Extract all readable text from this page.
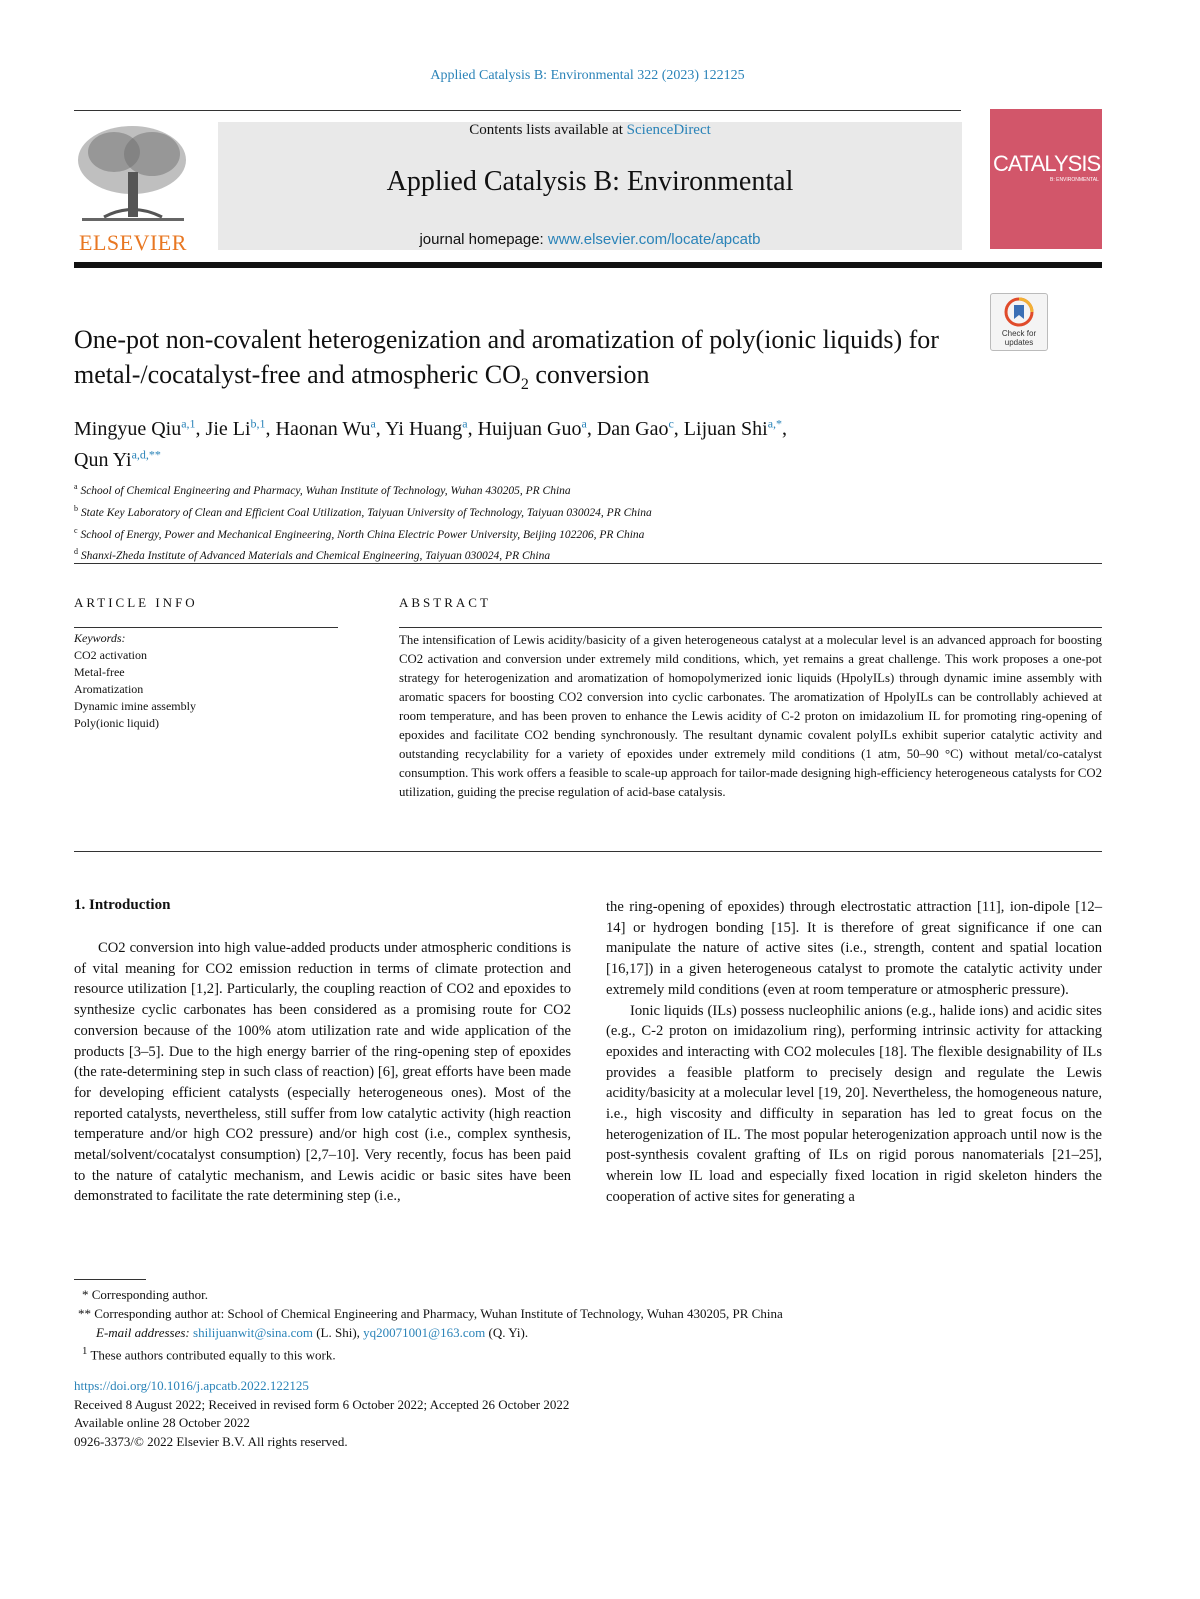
Applied Catalysis B: Environmental 322 (2023) 122125
ELSEVIER
Contents lists available at ScienceDirect
Applied Catalysis B: Environmental
journal homepage: www.elsevier.com/locate/apcatb
CATALYSIS
B: ENVIRONMENTAL
Check for updates
One-pot non-covalent heterogenization and aromatization of poly(ionic liquids) for metal-/cocatalyst-free and atmospheric $CO_2$ conversion
Mingyue Qiu$^{a,1}$, Jie Li$^{b,1}$, Haonan Wu$^a$, Yi Huang$^a$, Huijuan Guo$^a$, Dan Gao$^c$, Lijuan Shi$^{a,*}$,
Qun $Yi^{a,d,**}$
$^a$ School of Chemical Engineering and Pharmacy, Wuhan Institute of Technology, Wuhan 430205, PR China
$^b$ State Key Laboratory of Clean and Efficient Coal Utilization, Taiyuan University of Technology, Taiyuan 030024, PR China
$^c$ School of Energy, Power and Mechanical Engineering, North China Electric Power University, Beijing 102206, PR China
$^d$ Shanxi-Zheda Institute of Advanced Materials and Chemical Engineering, Taiyuan 030024, PR China
ARTICLE INFO	ABSTRACT
Keywords:
CO2 activation
Metal-free
Aromatization
Dynamic imine assembly
Poly(ionic liquid)
The intensification of Lewis acidity/basicity of a given heterogeneous catalyst at a molecular level is an advanced approach for boosting CO2 activation and conversion under extremely mild conditions, which, yet remains a great challenge. This work proposes a one-pot strategy for heterogenization and aromatization of homopolymerized ionic liquids (HpolyILs) through dynamic imine assembly with aromatic spacers for boosting CO2 conversion into cyclic carbonates. The aromatization of HpolyILs can be controllably achieved at room temperature, and has been proven to enhance the Lewis acidity of C-2 proton on imidazolium IL for promoting ring-opening of epoxides and facilitate CO2 bending synchronously. The resultant dynamic covalent polyILs exhibit superior catalytic activity and outstanding recyclability for a variety of epoxides under extremely mild conditions (1 atm, 50–90 °C) without metal/co-catalyst consumption. This work offers a feasible to scale-up approach for tailor-made designing high-efficiency heterogeneous catalysts for CO2 utilization, guiding the precise regulation of acid-base catalysis.
1. Introduction

CO2 conversion into high value-added products under atmospheric conditions is of vital meaning for CO2 emission reduction in terms of climate protection and resource utilization [1,2]. Particularly, the coupling reaction of CO2 and epoxides to synthesize cyclic carbonates has been considered as a promising route for CO2 conversion because of the 100% atom utilization rate and wide application of the products [3–5]. Due to the high energy barrier of the ring-opening step of epoxides (the rate-determining step in such class of reaction) [6], great efforts have been made for developing efficient catalysts (especially heterogeneous ones). Most of the reported catalysts, nevertheless, still suffer from low catalytic activity (high reaction temperature and/or high CO2 pressure) and/or high cost (i.e., complex synthesis, metal/solvent/cocatalyst consumption) [2,7–10]. Very recently, focus has been paid to the nature of catalytic mechanism, and Lewis acidic or basic sites have been demonstrated to facilitate the rate determining step (i.e.,

the ring-opening of epoxides) through electrostatic attraction [11], ion-dipole [12–14] or hydrogen bonding [15]. It is therefore of great significance if one can manipulate the nature of active sites (i.e., strength, content and spatial location [16,17]) in a given heterogeneous catalyst to promote the catalytic activity under extremely mild conditions (even at room temperature or atmospheric pressure).

Ionic liquids (ILs) possess nucleophilic anions (e.g., halide ions) and acidic sites (e.g., C-2 proton on imidazolium ring), performing intrinsic activity for attacking epoxides and interacting with CO2 molecules [18]. The flexible designability of ILs provides a feasible platform to precisely design and regulate the Lewis acidity/basicity at a molecular level [19, 20]. Nevertheless, the homogeneous nature, i.e., high viscosity and difficulty in separation has led to great focus on the heterogenization of IL. The most popular heterogenization approach until now is the post-synthesis covalent grafting of ILs on rigid porous nanomaterials [21–25], wherein low IL load and especially fixed location in rigid skeleton hinders the cooperation of active sites for generating a

* Corresponding author.
** Corresponding author at: School of Chemical Engineering and Pharmacy, Wuhan Institute of Technology, Wuhan 430205, PR China
E-mail addresses: shilijuanwit@sina.com (L. Shi), yq20071001@163.com (Q. Yi).
$^1$ These authors contributed equally to this work.
https://doi.org/10.1016/j.apcatb.2022.122125
Received 8 August 2022; Received in revised form 6 October 2022; Accepted 26 October 2022
Available online 28 October 2022
0926-3373/© 2022 Elsevier B.V. All rights reserved.
